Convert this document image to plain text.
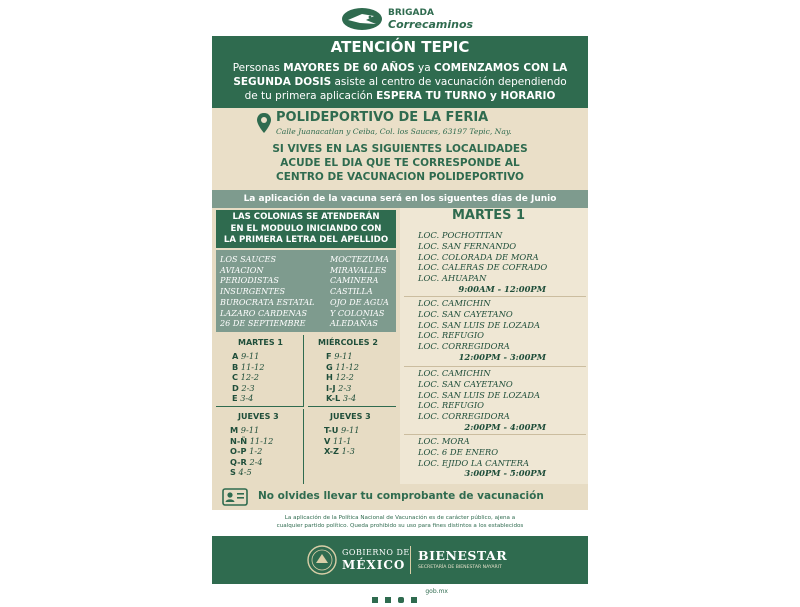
BRIGADA
Correcaminos
ATENCIÓN TEPIC
Personas MAYORES DE 60 AÑOS ya COMENZAMOS CON LA
SEGUNDA DOSIS asiste al centro de vacunación dependiendo
de tu primera aplicación ESPERA TU TURNO y HORARIO
POLIDEPORTIVO DE LA FERIA
Calle Juanacatlan y Ceiba, Col. los Sauces, 63197 Tepic, Nay.
SI VIVES EN LAS SIGUIENTES LOCALIDADES
ACUDE EL DIA QUE TE CORRESPONDE AL
CENTRO DE VACUNACION POLIDEPORTIVO
La aplicación de la vacuna será en los siguentes días de Junio
LAS COLONIAS SE ATENDERÁN
EN EL MODULO INICIANDO CON
LA PRIMERA LETRA DEL APELLIDO
LOS SAUCES
AVIACION
PERIODISTAS
INSURGENTES
BUROCRATA ESTATAL
LAZARO CARDENAS
26 DE SEPTIEMBRE
MOCTEZUMA
MIRAVALLES
CAMINERA
CASTILLA
OJO DE AGUA
Y COLONIAS
ALEDAÑAS
MARTES 1
A 9-11
B 11-12
C 12-2
D 2-3
E 3-4
MIÉRCOLES 2
F 9-11
G 11-12
H 12-2
I-J 2-3
K-L 3-4
JUEVES 3
M 9-11
N-Ñ 11-12
O-P 1-2
Q-R 2-4
S 4-5
JUEVES 3
T-U 9-11
V 11-1
X-Z 1-3
MARTES 1
LOC. POCHOTITAN
LOC. SAN FERNANDO
LOC. COLORADA DE MORA
LOC. CALERAS DE COFRADO
LOC. AHUAPAN
9:00AM - 12:00PM
LOC. CAMICHIN
LOC. SAN CAYETANO
LOC. SAN LUIS DE LOZADA
LOC. REFUGIO
LOC. CORREGIDORA
12:00PM - 3:00PM
LOC. CAMICHIN
LOC. SAN CAYETANO
LOC. SAN LUIS DE LOZADA
LOC. REFUGIO
LOC. CORREGIDORA
2:00PM - 4:00PM
LOC. MORA
LOC. 6 DE ENERO
LOC. EJIDO LA CANTERA
3:00PM - 5:00PM
No olvides llevar tu comprobante de vacunación
La aplicación de la Política Nacional de Vacunación es de carácter público, ajena a
cualquier partido político. Queda prohibido su uso para fines distintos a los establecidos
GOBIERNO DE
MÉXICO
BIENESTAR
SECRETARÍA DE BIENESTAR NAYARIT
$^{gob.mx}$
